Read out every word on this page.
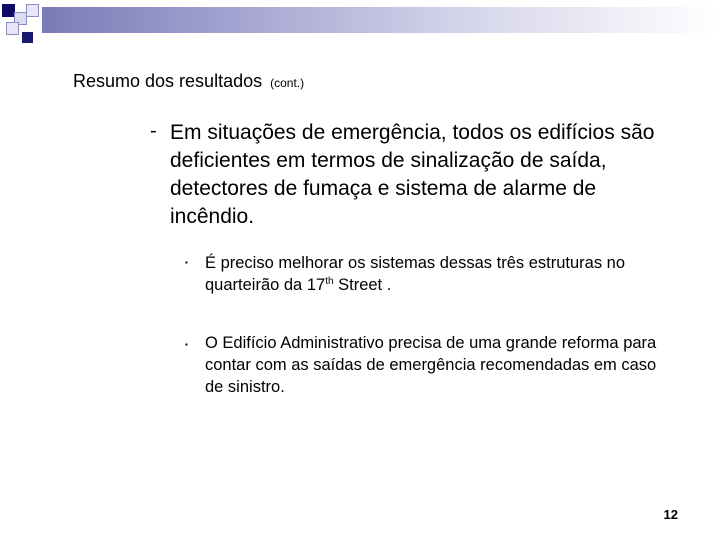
Resumo dos resultados (cont.)
- Em situações de emergência, todos os edifícios são deficientes em termos de sinalização de saída, detectores de fumaça e sistema de alarme de incêndio.
▪ É preciso melhorar os sistemas dessas três estruturas no quarteirão da 17th Street .
▪ O Edifício Administrativo precisa de uma grande reforma para contar com as saídas de emergência recomendadas em caso de sinistro.
12
